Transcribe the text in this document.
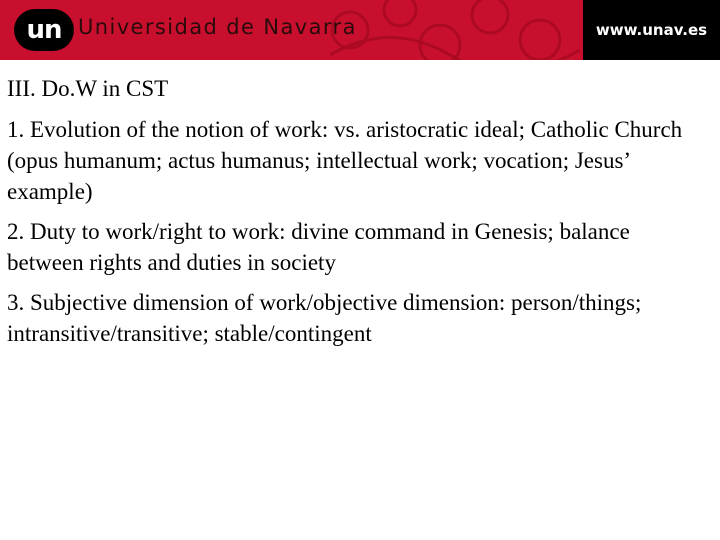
un Universidad de Navarra	www.unav.es

III. Do.W in CST

1. Evolution of the notion of work: vs. aristocratic ideal; Catholic Church (opus humanum; actus humanus; intellectual work; vocation; Jesus’ example)

2. Duty to work/right to work: divine command in Genesis; balance between rights and duties in society

3. Subjective dimension of work/objective dimension: person/things; intransitive/transitive; stable/contingent
